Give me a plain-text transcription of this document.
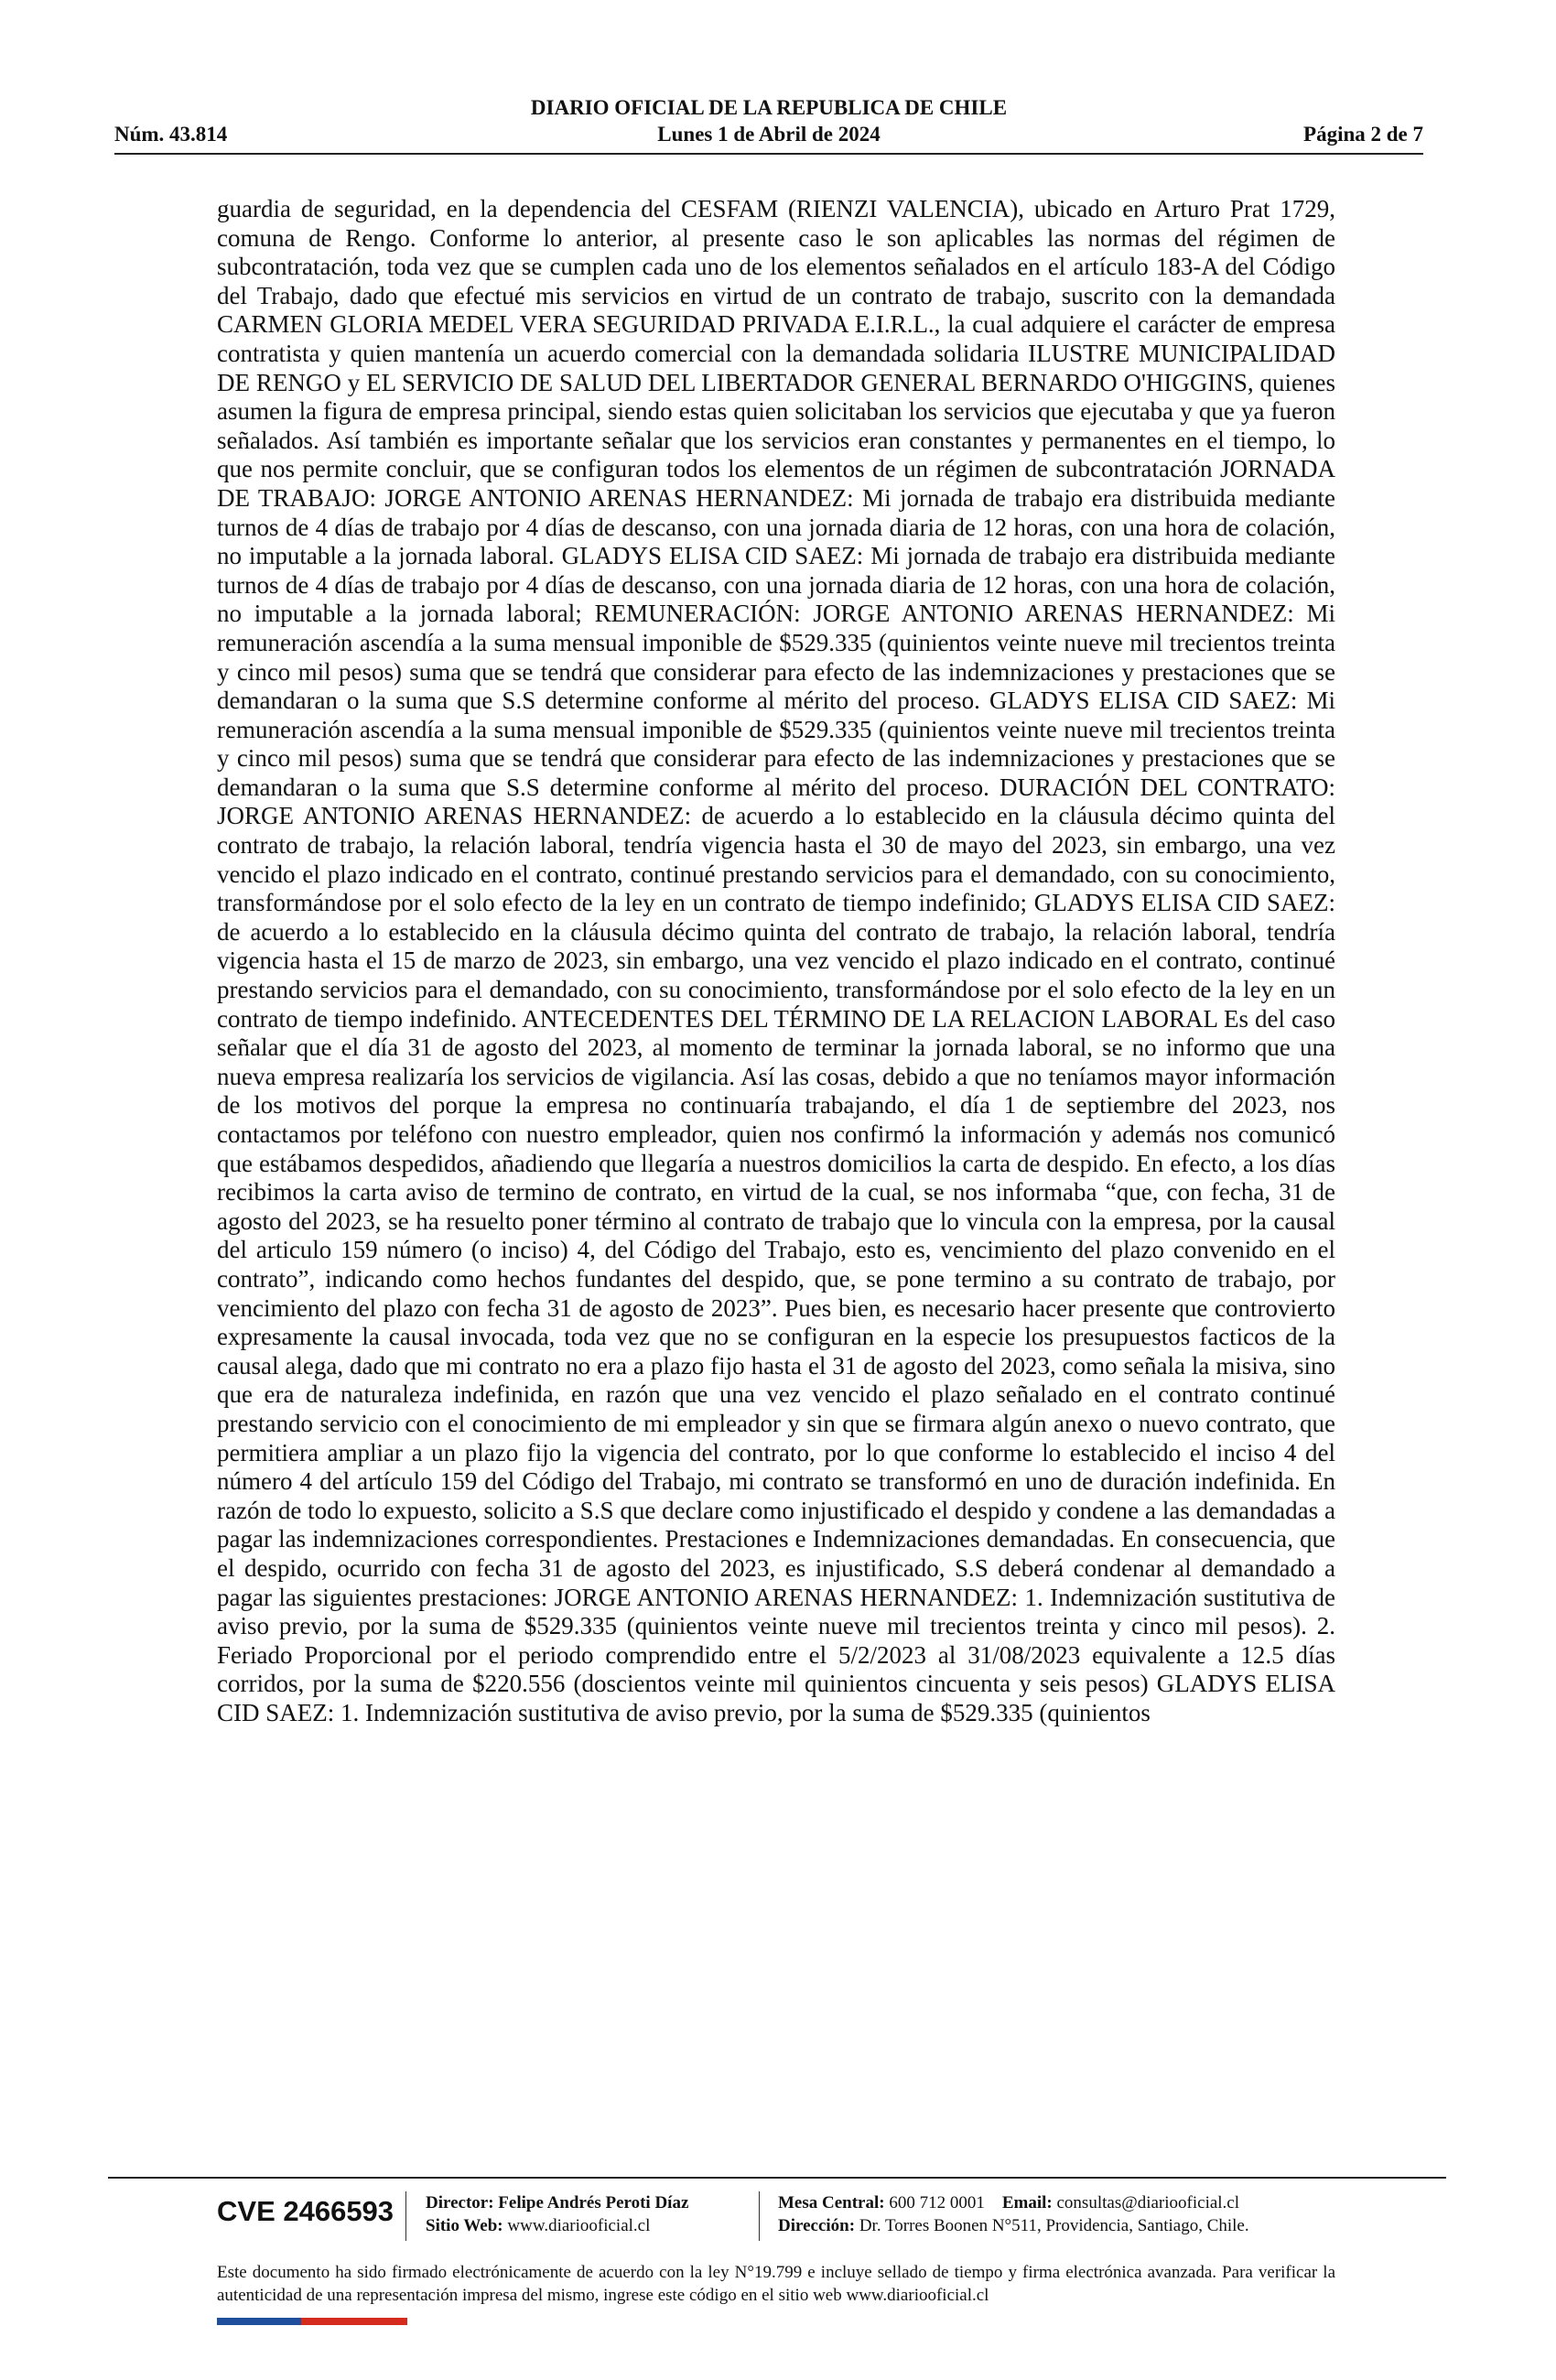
DIARIO OFICIAL DE LA REPUBLICA DE CHILE
Núm. 43.814	Lunes 1 de Abril de 2024	Página 2 de 7

guardia de seguridad, en la dependencia del CESFAM (RIENZI VALENCIA), ubicado en Arturo Prat 1729, comuna de Rengo. Conforme lo anterior, al presente caso le son aplicables las normas del régimen de subcontratación, toda vez que se cumplen cada uno de los elementos señalados en el artículo 183-A del Código del Trabajo, dado que efectué mis servicios en virtud de un contrato de trabajo, suscrito con la demandada CARMEN GLORIA MEDEL VERA SEGURIDAD PRIVADA E.I.R.L., la cual adquiere el carácter de empresa contratista y quien mantenía un acuerdo comercial con la demandada solidaria ILUSTRE MUNICIPALIDAD DE RENGO y EL SERVICIO DE SALUD DEL LIBERTADOR GENERAL BERNARDO O'HIGGINS, quienes asumen la figura de empresa principal, siendo estas quien solicitaban los servicios que ejecutaba y que ya fueron señalados. Así también es importante señalar que los servicios eran constantes y permanentes en el tiempo, lo que nos permite concluir, que se configuran todos los elementos de un régimen de subcontratación JORNADA DE TRABAJO: JORGE ANTONIO ARENAS HERNANDEZ: Mi jornada de trabajo era distribuida mediante turnos de 4 días de trabajo por 4 días de descanso, con una jornada diaria de 12 horas, con una hora de colación, no imputable a la jornada laboral. GLADYS ELISA CID SAEZ: Mi jornada de trabajo era distribuida mediante turnos de 4 días de trabajo por 4 días de descanso, con una jornada diaria de 12 horas, con una hora de colación, no imputable a la jornada laboral; REMUNERACIÓN: JORGE ANTONIO ARENAS HERNANDEZ: Mi remuneración ascendía a la suma mensual imponible de $529.335 (quinientos veinte nueve mil trecientos treinta y cinco mil pesos) suma que se tendrá que considerar para efecto de las indemnizaciones y prestaciones que se demandaran o la suma que S.S determine conforme al mérito del proceso. GLADYS ELISA CID SAEZ: Mi remuneración ascendía a la suma mensual imponible de $529.335 (quinientos veinte nueve mil trecientos treinta y cinco mil pesos) suma que se tendrá que considerar para efecto de las indemnizaciones y prestaciones que se demandaran o la suma que S.S determine conforme al mérito del proceso. DURACIÓN DEL CONTRATO: JORGE ANTONIO ARENAS HERNANDEZ: de acuerdo a lo establecido en la cláusula décimo quinta del contrato de trabajo, la relación laboral, tendría vigencia hasta el 30 de mayo del 2023, sin embargo, una vez vencido el plazo indicado en el contrato, continué prestando servicios para el demandado, con su conocimiento, transformándose por el solo efecto de la ley en un contrato de tiempo indefinido; GLADYS ELISA CID SAEZ: de acuerdo a lo establecido en la cláusula décimo quinta del contrato de trabajo, la relación laboral, tendría vigencia hasta el 15 de marzo de 2023, sin embargo, una vez vencido el plazo indicado en el contrato, continué prestando servicios para el demandado, con su conocimiento, transformándose por el solo efecto de la ley en un contrato de tiempo indefinido. ANTECEDENTES DEL TÉRMINO DE LA RELACION LABORAL Es del caso señalar que el día 31 de agosto del 2023, al momento de terminar la jornada laboral, se no informo que una nueva empresa realizaría los servicios de vigilancia. Así las cosas, debido a que no teníamos mayor información de los motivos del porque la empresa no continuaría trabajando, el día 1 de septiembre del 2023, nos contactamos por teléfono con nuestro empleador, quien nos confirmó la información y además nos comunicó que estábamos despedidos, añadiendo que llegaría a nuestros domicilios la carta de despido. En efecto, a los días recibimos la carta aviso de termino de contrato, en virtud de la cual, se nos informaba “que, con fecha, 31 de agosto del 2023, se ha resuelto poner término al contrato de trabajo que lo vincula con la empresa, por la causal del articulo 159 número (o inciso) 4, del Código del Trabajo, esto es, vencimiento del plazo convenido en el contrato”, indicando como hechos fundantes del despido, que, se pone termino a su contrato de trabajo, por vencimiento del plazo con fecha 31 de agosto de 2023”. Pues bien, es necesario hacer presente que controvierto expresamente la causal invocada, toda vez que no se configuran en la especie los presupuestos facticos de la causal alega, dado que mi contrato no era a plazo fijo hasta el 31 de agosto del 2023, como señala la misiva, sino que era de naturaleza indefinida, en razón que una vez vencido el plazo señalado en el contrato continué prestando servicio con el conocimiento de mi empleador y sin que se firmara algún anexo o nuevo contrato, que permitiera ampliar a un plazo fijo la vigencia del contrato, por lo que conforme lo establecido el inciso 4 del número 4 del artículo 159 del Código del Trabajo, mi contrato se transformó en uno de duración indefinida. En razón de todo lo expuesto, solicito a S.S que declare como injustificado el despido y condene a las demandadas a pagar las indemnizaciones correspondientes. Prestaciones e Indemnizaciones demandadas. En consecuencia, que el despido, ocurrido con fecha 31 de agosto del 2023, es injustificado, S.S deberá condenar al demandado a pagar las siguientes prestaciones: JORGE ANTONIO ARENAS HERNANDEZ: 1. Indemnización sustitutiva de aviso previo, por la suma de $529.335 (quinientos veinte nueve mil trecientos treinta y cinco mil pesos). 2. Feriado Proporcional por el periodo comprendido entre el 5/2/2023 al 31/08/2023 equivalente a 12.5 días corridos, por la suma de $220.556 (doscientos veinte mil quinientos cincuenta y seis pesos) GLADYS ELISA CID SAEZ: 1. Indemnización sustitutiva de aviso previo, por la suma de $529.335 (quinientos

CVE 2466593 Director: Felipe Andrés Peroti Díaz
Sitio Web: www.diariooficial.cl
Mesa Central: 600 712 0001 Email: consultas@diariooficial.cl
Dirección: Dr. Torres Boonen N°511, Providencia, Santiago, Chile.

Este documento ha sido firmado electrónicamente de acuerdo con la ley N°19.799 e incluye sellado de tiempo y firma electrónica avanzada. Para verificar la autenticidad de una representación impresa del mismo, ingrese este código en el sitio web www.diariooficial.cl
